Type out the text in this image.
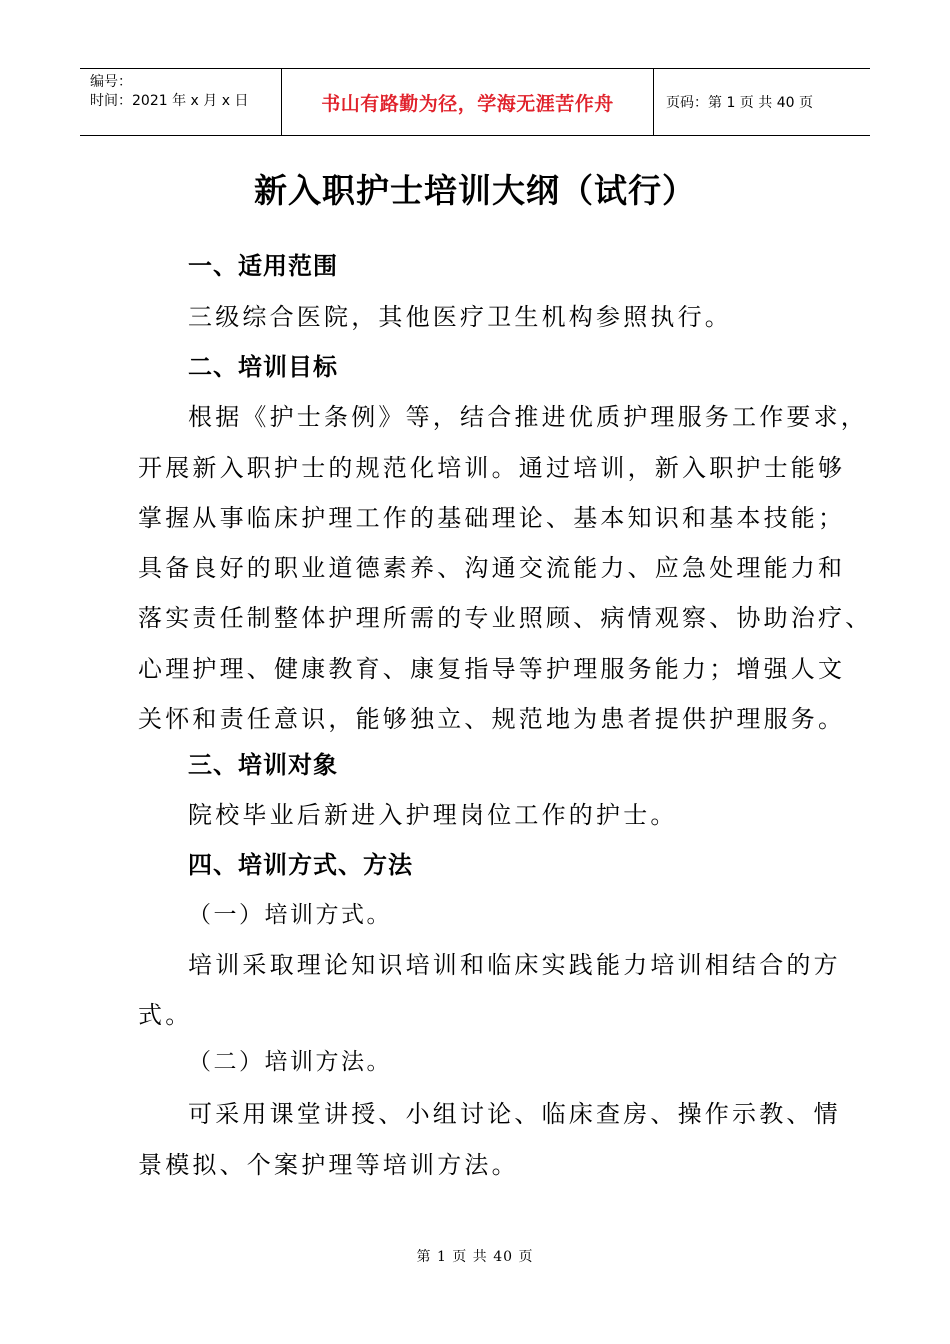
编号：
时间：2021 年 x 月 x 日	书山有路勤为径，学海无涯苦作舟	页码：第 1 页 共 40 页
新入职护士培训大纲（试行）
一、适用范围
三级综合医院，其他医疗卫生机构参照执行。
二、培训目标
根据《护士条例》等，结合推进优质护理服务工作要求，
开展新入职护士的规范化培训。通过培训，新入职护士能够
掌握从事临床护理工作的基础理论、基本知识和基本技能；
具备良好的职业道德素养、沟通交流能力、应急处理能力和
落实责任制整体护理所需的专业照顾、病情观察、协助治疗、
心理护理、健康教育、康复指导等护理服务能力；增强人文
关怀和责任意识，能够独立、规范地为患者提供护理服务。
三、培训对象
院校毕业后新进入护理岗位工作的护士。
四、培训方式、方法
（一）培训方式。
培训采取理论知识培训和临床实践能力培训相结合的方
式。
（二）培训方法。
可采用课堂讲授、小组讨论、临床查房、操作示教、情
景模拟、个案护理等培训方法。
第 1 页 共 40 页
